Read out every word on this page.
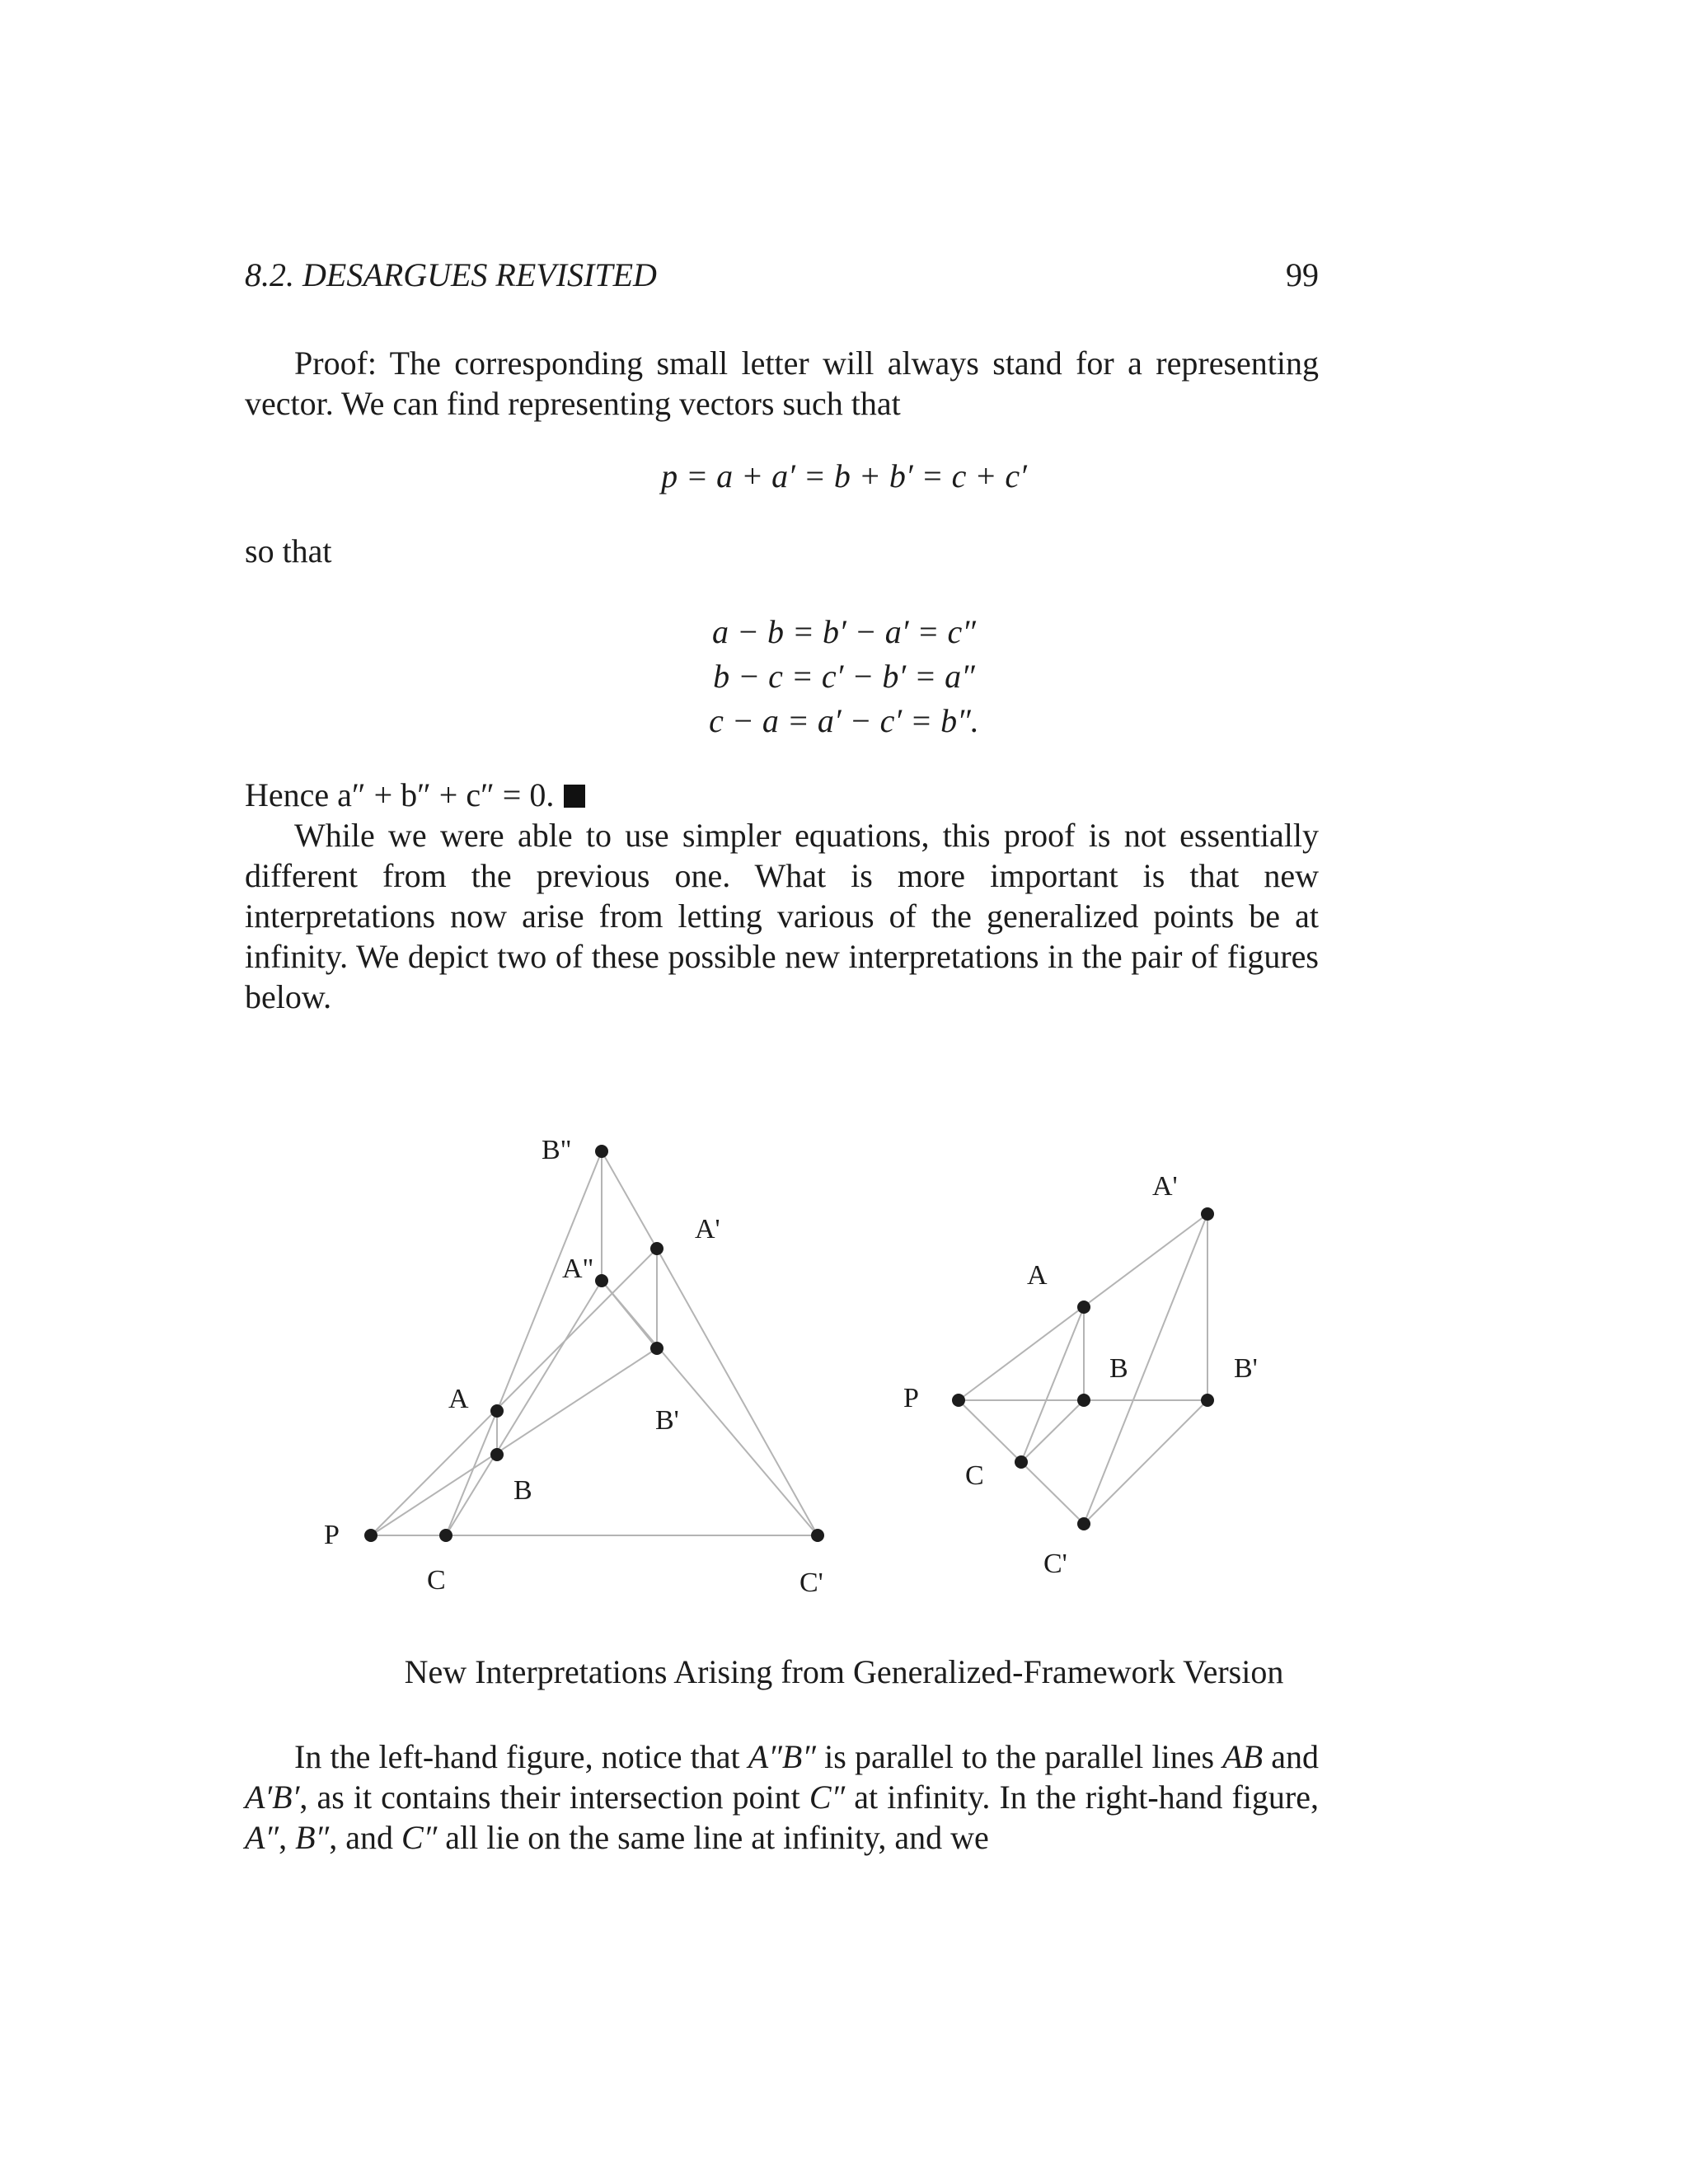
8.2. DESARGUES REVISITED	99
Proof: The corresponding small letter will always stand for a representing vector. We can find representing vectors such that
p = a + a′ = b + b′ = c + c′
so that
a − b = b′ − a′ = c″
b − c = c′ − b′ = a″
c − a = a′ − c′ = b″.
Hence a″ + b″ + c″ = 0.
While we were able to use simpler equations, this proof is not essentially different from the previous one. What is more important is that new interpretations now arise from letting various of the generalized points be at infinity. We depict two of these possible new interpretations in the pair of figures below.
B"
A'
A"
A
B
B'
P
C	C'
A'
A
B	B'
P
C
C'
New Interpretations Arising from Generalized-Framework Version
In the left-hand figure, notice that A″B″ is parallel to the parallel lines AB and A′B′, as it contains their intersection point C″ at infinity. In the right-hand figure, A″, B″, and C″ all lie on the same line at infinity, and we
